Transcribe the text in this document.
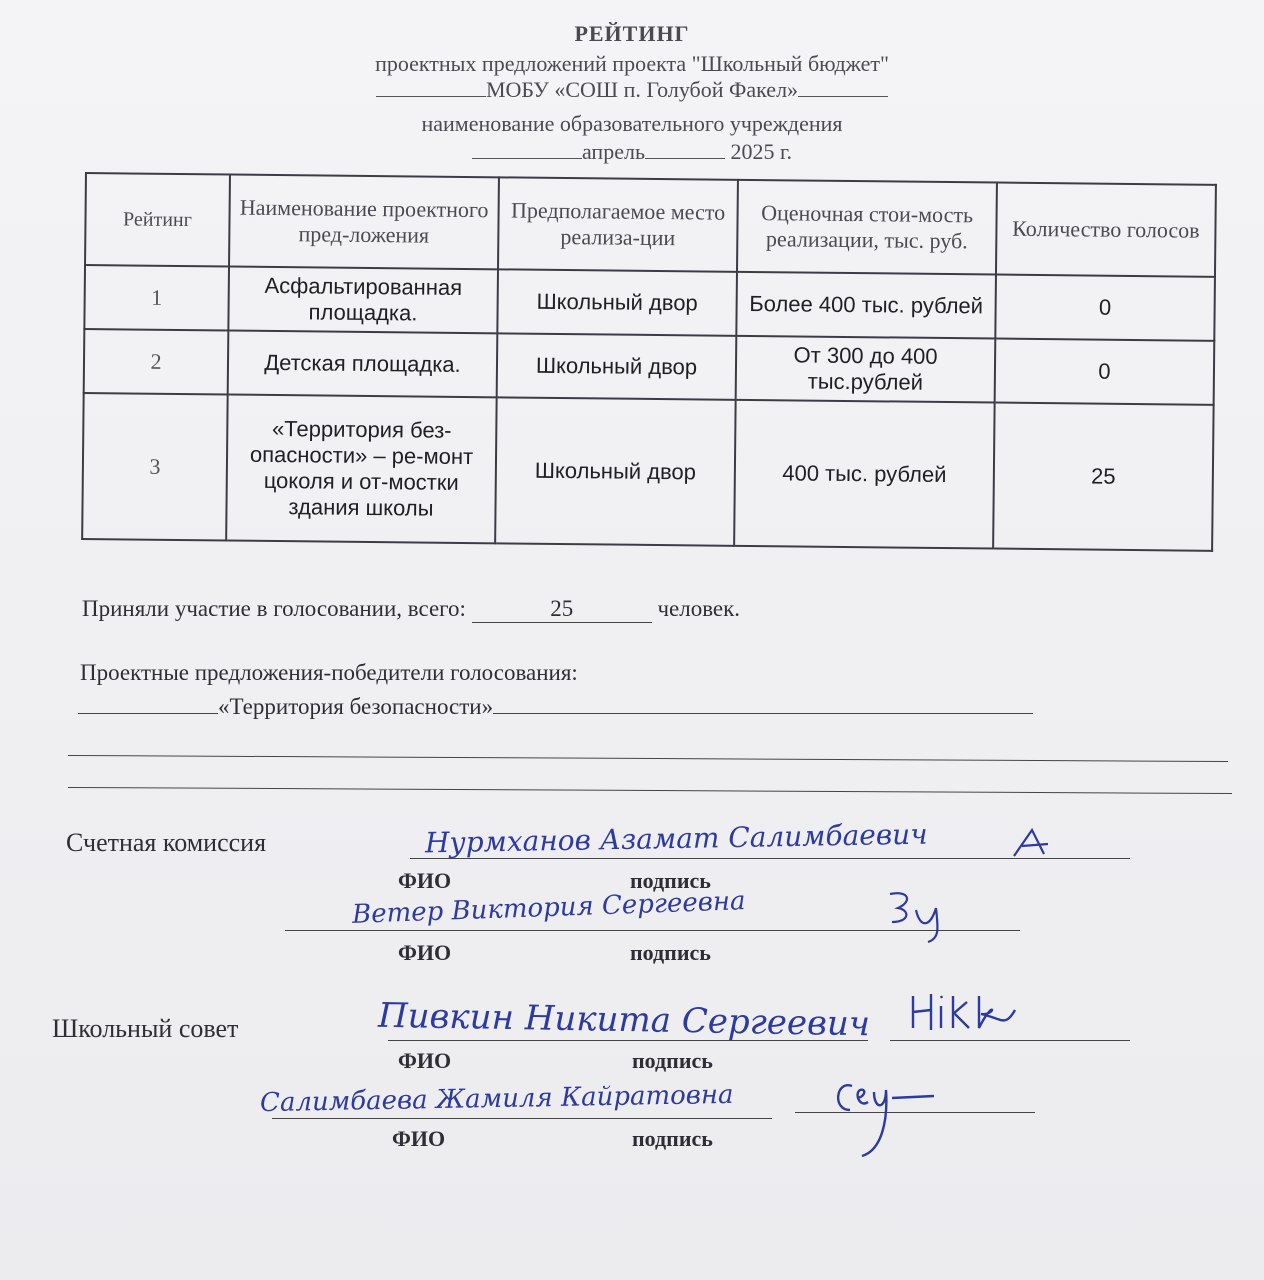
РЕЙТИНГ
проектных предложений проекта "Школьный бюджет"
МОБУ «СОШ п. Голубой Факел»
наименование образовательного учреждения
апрель	2025 г.
Рейтинг	Наименование проектного пред-ложения	Предполагаемое место реализа-ции	Оценочная стои-мость реализации, тыс. руб.	Количество голосов
1	Асфальтированная площадка.	Школьный двор	Более 400 тыс. рублей	0
2	Детская площадка.	Школьный двор	От 300 до 400 тыс.рублей	0
3	«Территория без-опасности» – ре-монт цоколя и от-мостки здания школы	Школьный двор	400 тыс. рублей	25
Приняли участие в голосовании, всего:	25	человек.
Проектные предложения-победители голосования:
«Территория безопасности»
Счетная комиссия	Нурмханов Азамат Салимбаевич
ФИО	подпись
Ветер Виктория Сергеевна
ФИО	подпись
Школьный совет	Пивкин Никита Сергеевич
ФИО	подпись
Салимбаева Жамиля Кайратовна
ФИО	подпись
